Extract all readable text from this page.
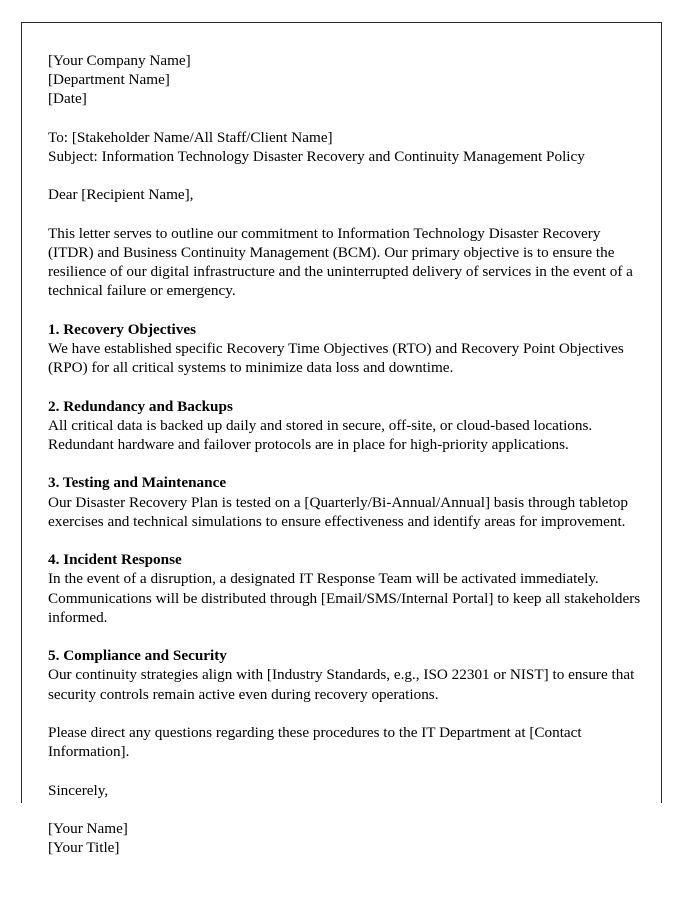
[Your Company Name]
[Department Name]
[Date]
To: [Stakeholder Name/All Staff/Client Name]
Subject: Information Technology Disaster Recovery and Continuity Management Policy
Dear [Recipient Name],
This letter serves to outline our commitment to Information Technology Disaster Recovery (ITDR) and Business Continuity Management (BCM). Our primary objective is to ensure the resilience of our digital infrastructure and the uninterrupted delivery of services in the event of a technical failure or emergency.
1. Recovery Objectives
We have established specific Recovery Time Objectives (RTO) and Recovery Point Objectives (RPO) for all critical systems to minimize data loss and downtime.
2. Redundancy and Backups
All critical data is backed up daily and stored in secure, off-site, or cloud-based locations. Redundant hardware and failover protocols are in place for high-priority applications.
3. Testing and Maintenance
Our Disaster Recovery Plan is tested on a [Quarterly/Bi-Annual/Annual] basis through tabletop exercises and technical simulations to ensure effectiveness and identify areas for improvement.
4. Incident Response
In the event of a disruption, a designated IT Response Team will be activated immediately. Communications will be distributed through [Email/SMS/Internal Portal] to keep all stakeholders informed.
5. Compliance and Security
Our continuity strategies align with [Industry Standards, e.g., ISO 22301 or NIST] to ensure that security controls remain active even during recovery operations.
Please direct any questions regarding these procedures to the IT Department at [Contact Information].
Sincerely,
[Your Name]
[Your Title]
